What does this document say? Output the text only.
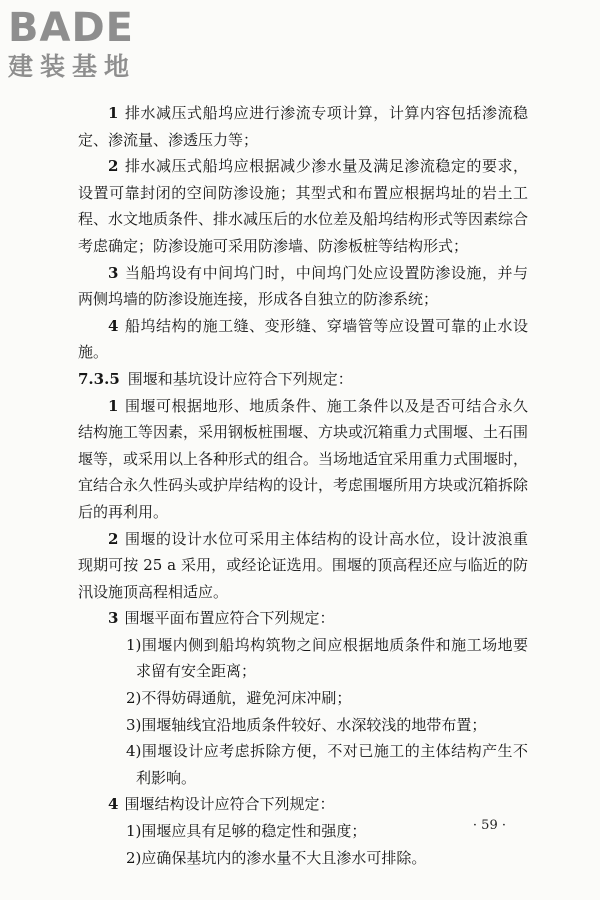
BADE
建装基地

1 排水减压式船坞应进行渗流专项计算，计算内容包括渗流稳定、渗流量、渗透压力等；

2 排水减压式船坞应根据减少渗水量及满足渗流稳定的要求，设置可靠封闭的空间防渗设施；其型式和布置应根据坞址的岩土工程、水文地质条件、排水减压后的水位差及船坞结构形式等因素综合考虑确定；防渗设施可采用防渗墙、防渗板桩等结构形式；

3 当船坞设有中间坞门时，中间坞门处应设置防渗设施，并与两侧坞墙的防渗设施连接，形成各自独立的防渗系统；

4 船坞结构的施工缝、变形缝、穿墙管等应设置可靠的止水设施。

7.3.5 围堰和基坑设计应符合下列规定：

1 围堰可根据地形、地质条件、施工条件以及是否可结合永久结构施工等因素，采用钢板桩围堰、方块或沉箱重力式围堰、土石围堰等，或采用以上各种形式的组合。当场地适宜采用重力式围堰时，宜结合永久性码头或护岸结构的设计，考虑围堰所用方块或沉箱拆除后的再利用。

2 围堰的设计水位可采用主体结构的设计高水位，设计波浪重现期可按 25 a 采用，或经论证选用。围堰的顶高程还应与临近的防汛设施顶高程相适应。

3 围堰平面布置应符合下列规定：

1)围堰内侧到船坞构筑物之间应根据地质条件和施工场地要求留有安全距离；

2)不得妨碍通航，避免河床冲刷；

3)围堰轴线宜沿地质条件较好、水深较浅的地带布置；

4)围堰设计应考虑拆除方便，不对已施工的主体结构产生不利影响。

4 围堰结构设计应符合下列规定：

1)围堰应具有足够的稳定性和强度；

2)应确保基坑内的渗水量不大且渗水可排除。

· 59 ·
